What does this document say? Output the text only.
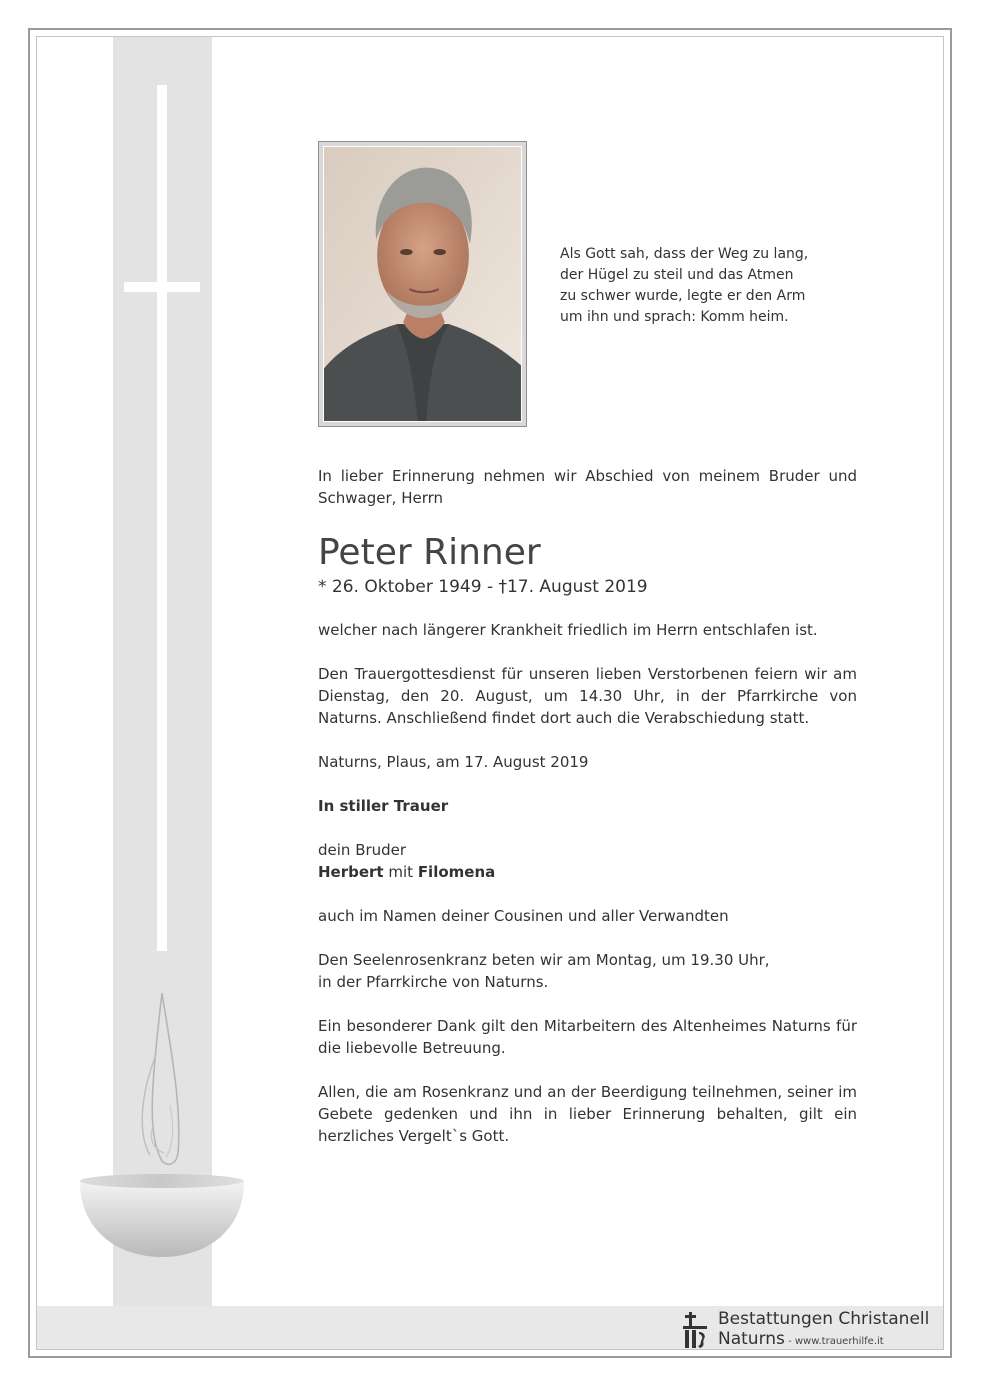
Als Gott sah, dass der Weg zu lang,
der Hügel zu steil und das Atmen
zu schwer wurde, legte er den Arm
um ihn und sprach: Komm heim.

In lieber Erinnerung nehmen wir Abschied von meinem Bruder und Schwager, Herrn

Peter Rinner

* 26. Oktober 1949 - †17. August 2019

welcher nach längerer Krankheit friedlich im Herrn entschlafen ist.

Den Trauergottesdienst für unseren lieben Verstorbenen feiern wir am Dienstag, den 20. August, um 14.30 Uhr, in der Pfarrkirche von Naturns. Anschließend findet dort auch die Verabschiedung statt.

Naturns, Plaus, am 17. August 2019

In stiller Trauer

dein Bruder

Herbert mit Filomena

auch im Namen deiner Cousinen und aller Verwandten

Den Seelenrosenkranz beten wir am Montag, um 19.30 Uhr,

in der Pfarrkirche von Naturns.

Ein besonderer Dank gilt den Mitarbeitern des Altenheimes Naturns für die liebevolle Betreuung.

Allen, die am Rosenkranz und an der Beerdigung teilnehmen, seiner im Gebete gedenken und ihn in lieber Erinnerung behalten, gilt ein herzliches Vergelt`s Gott.

Bestattungen Christanell
Naturns - www.trauerhilfe.it
